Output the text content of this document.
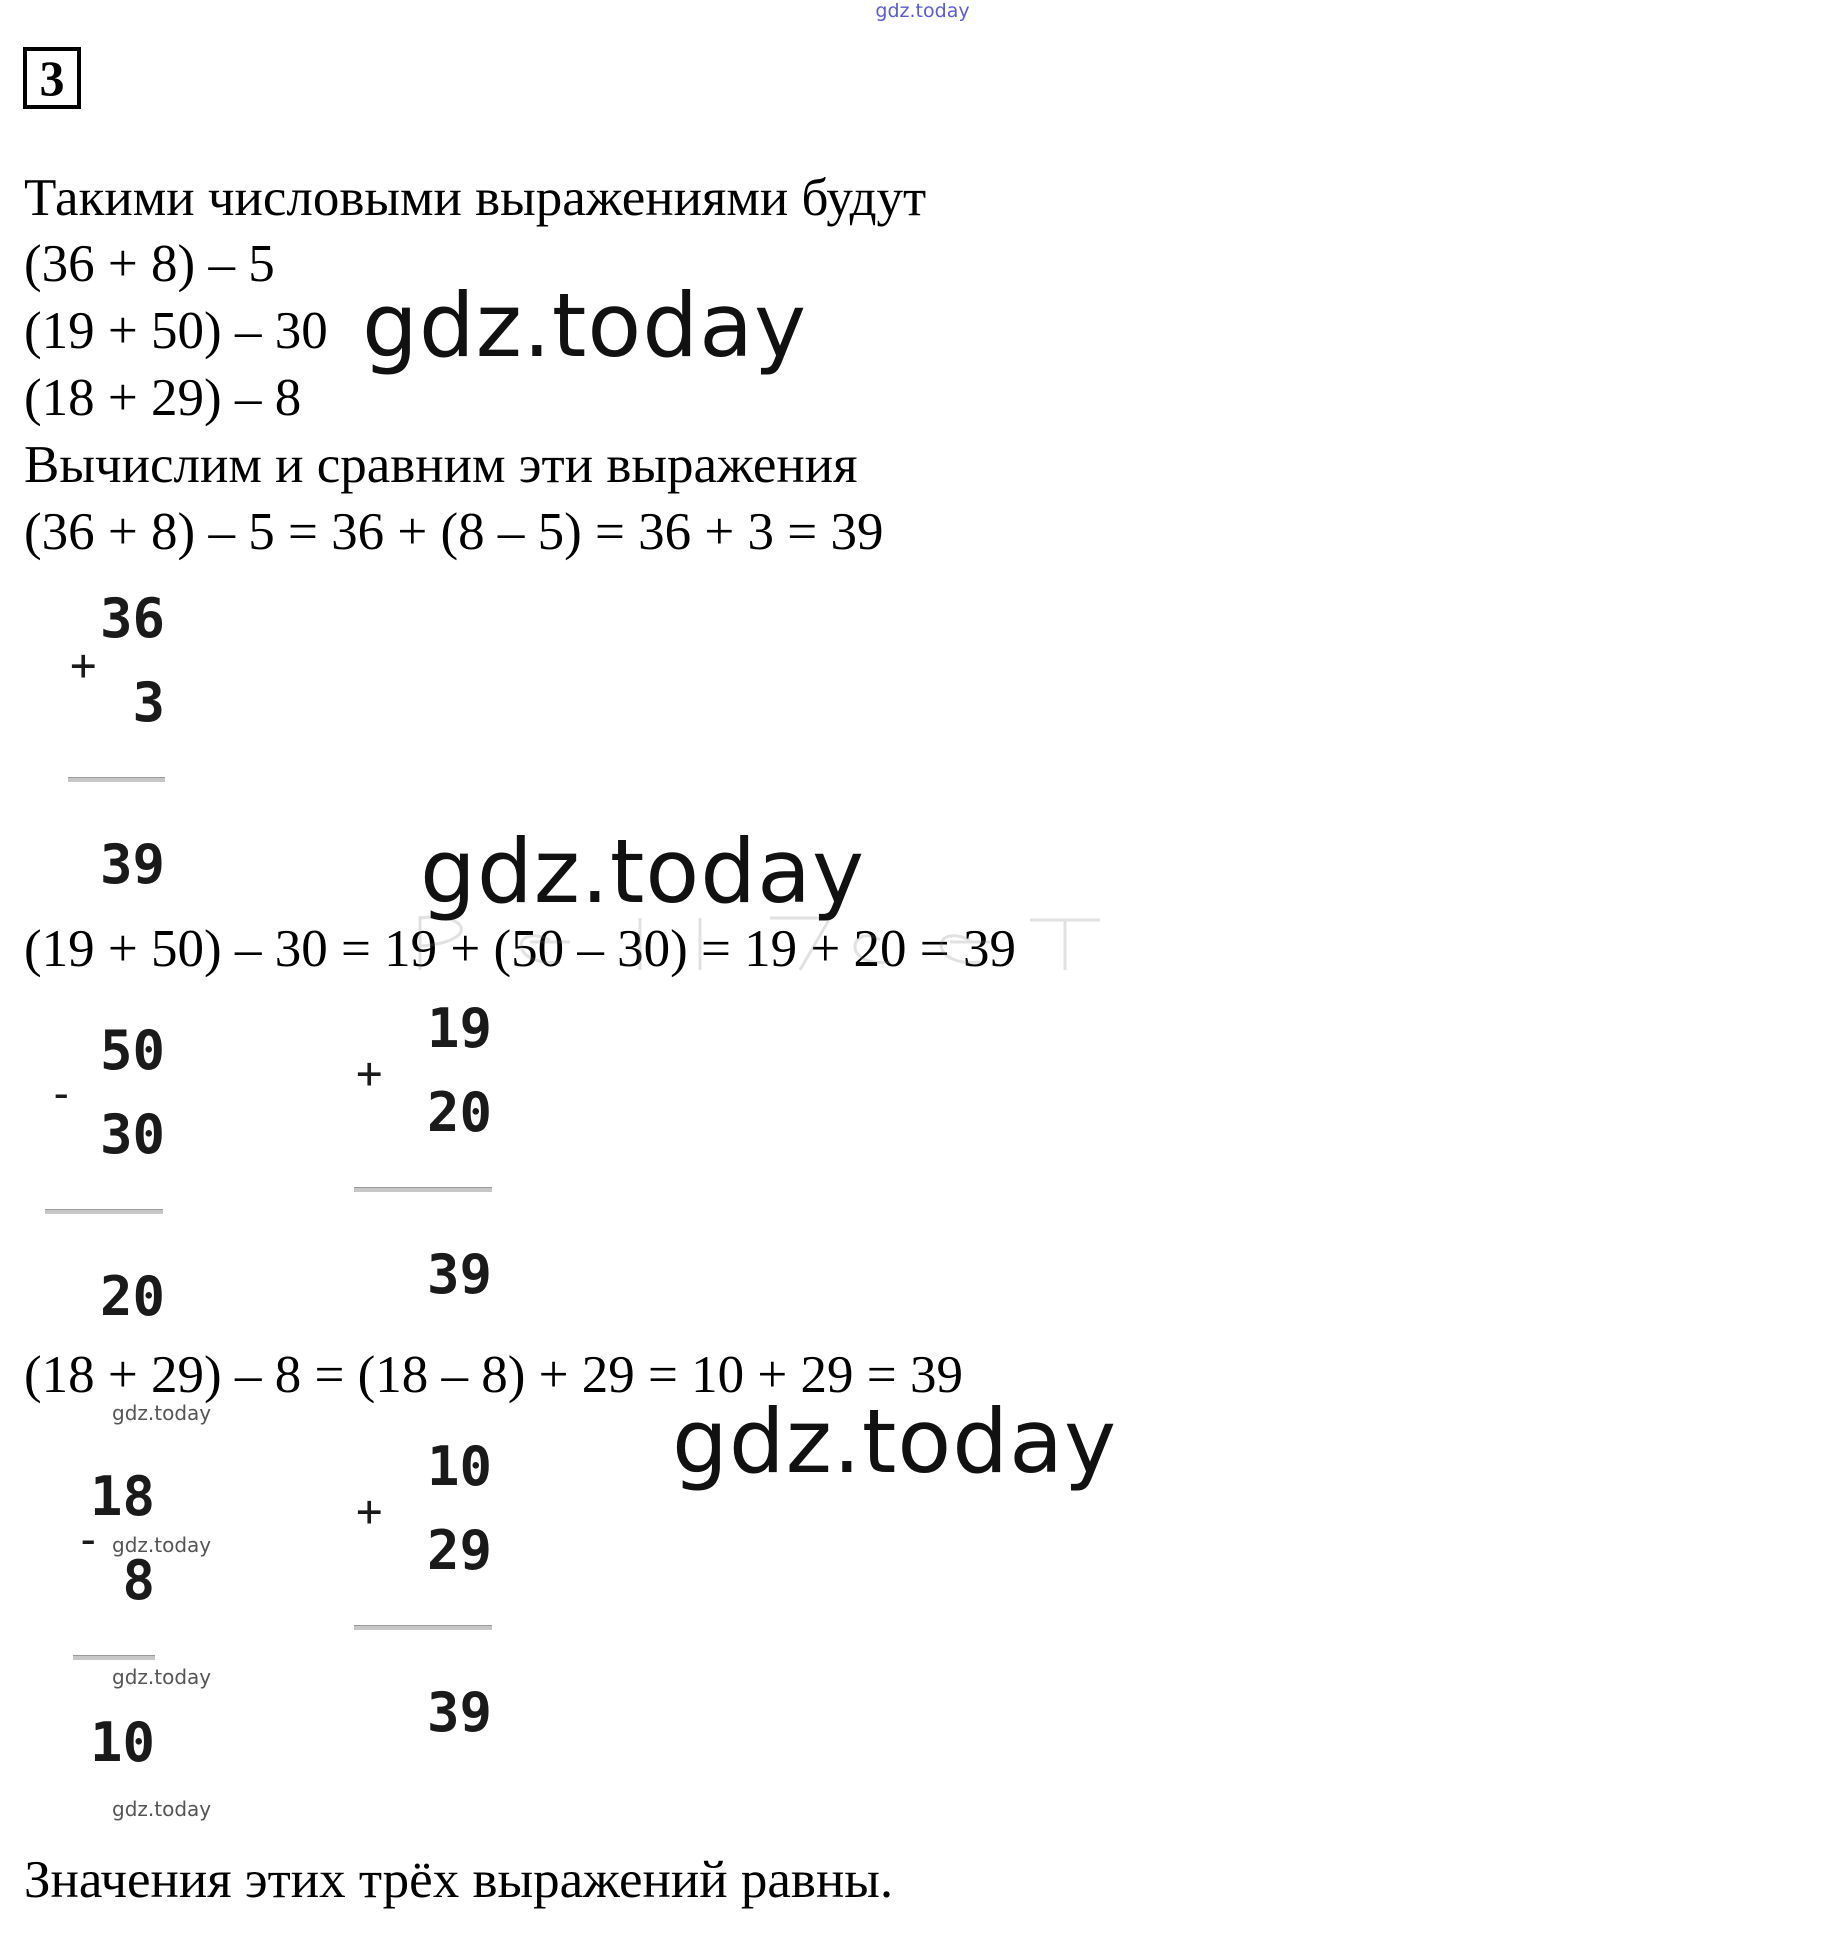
gdz.today
3
Такими числовыми выражениями будут
(36 + 8) – 5
(19 + 50) – 30
(18 + 29) – 8
Вычислим и сравним эти выражения
(36 + 8) – 5 = 36 + (8 – 5) = 36 + 3 = 39
36
+
3
39
(19 + 50) – 30 = 19 + (50 – 30) = 19 + 20 = 39
50
-
30
20
19
+
20
39
(18 + 29) – 8 = (18 – 8) + 29 = 10 + 29 = 39
18
-
8
10
10
+
29
39
Значения этих трёх выражений равны.
gdz.today
gdz.today
gdz.today
gdz.today
gdz.today
gdz.today
gdz.today
